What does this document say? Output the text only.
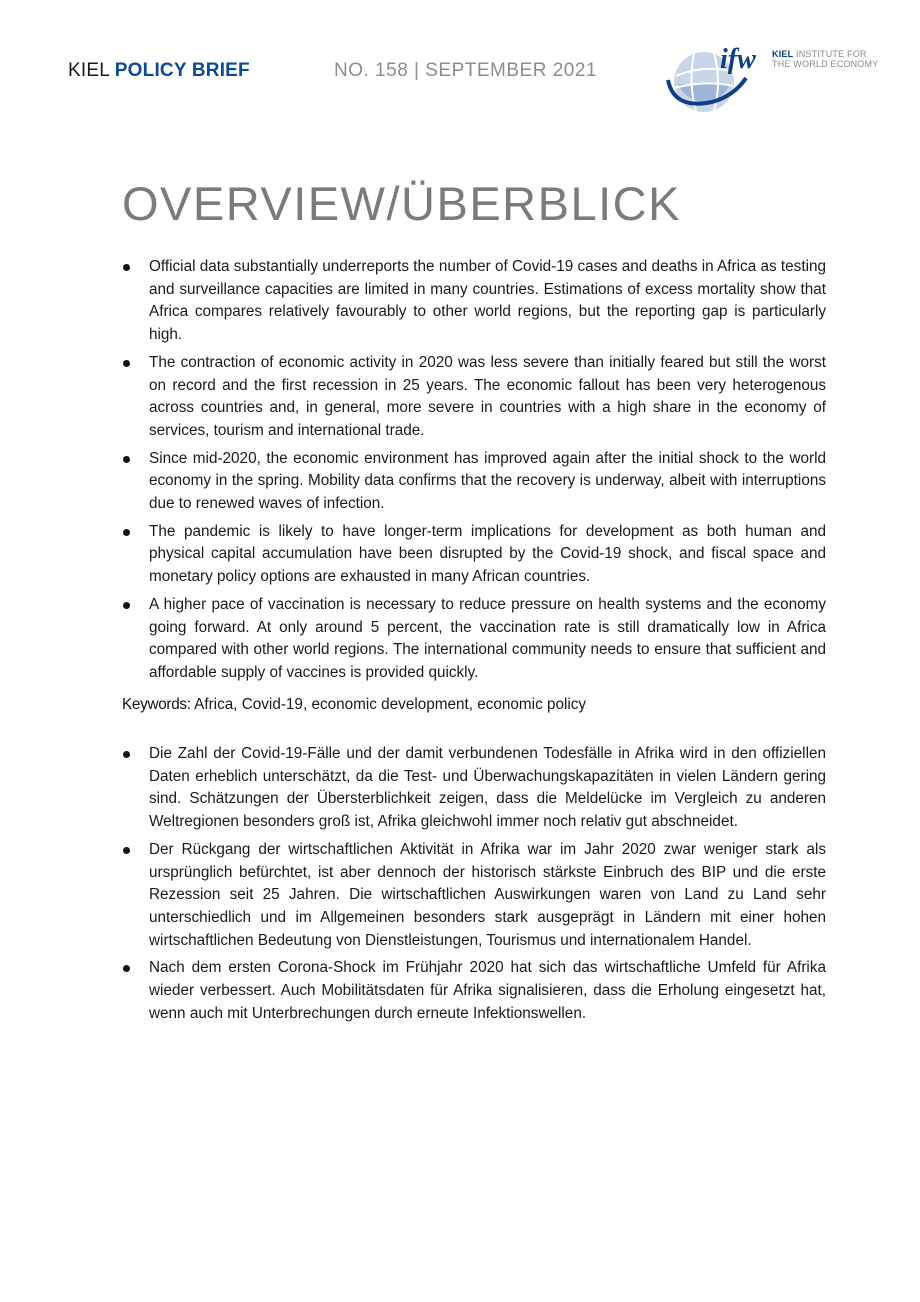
KIEL POLICY BRIEF	NO. 158 | SEPTEMBER 2021	ifw KIEL INSTITUTE FOR
THE WORLD ECONOMY
OVERVIEW/ÜBERBLICK
Official data substantially underreports the number of Covid-19 cases and deaths in Africa as testing and surveillance capacities are limited in many countries. Estimations of excess mortality show that Africa compares relatively favourably to other world regions, but the reporting gap is particularly high.
The contraction of economic activity in 2020 was less severe than initially feared but still the worst on record and the first recession in 25 years. The economic fallout has been very heterogenous across countries and, in general, more severe in countries with a high share in the economy of services, tourism and international trade.
Since mid-2020, the economic environment has improved again after the initial shock to the world economy in the spring. Mobility data confirms that the recovery is underway, albeit with interruptions due to renewed waves of infection.
The pandemic is likely to have longer-term implications for development as both human and physical capital accumulation have been disrupted by the Covid-19 shock, and fiscal space and monetary policy options are exhausted in many African countries.
A higher pace of vaccination is necessary to reduce pressure on health systems and the economy going forward. At only around 5 percent, the vaccination rate is still dramatically low in Africa compared with other world regions. The international community needs to ensure that sufficient and affordable supply of vaccines is provided quickly.
Keywords: Africa, Covid-19, economic development, economic policy
Die Zahl der Covid-19-Fälle und der damit verbundenen Todesfälle in Afrika wird in den offiziellen Daten erheblich unterschätzt, da die Test- und Überwachungskapazitäten in vielen Ländern gering sind. Schätzungen der Übersterblichkeit zeigen, dass die Meldelücke im Vergleich zu anderen Weltregionen besonders groß ist, Afrika gleichwohl immer noch relativ gut abschneidet.
Der Rückgang der wirtschaftlichen Aktivität in Afrika war im Jahr 2020 zwar weniger stark als ursprünglich befürchtet, ist aber dennoch der historisch stärkste Einbruch des BIP und die erste Rezession seit 25 Jahren. Die wirtschaftlichen Auswirkungen waren von Land zu Land sehr unterschiedlich und im Allgemeinen besonders stark ausgeprägt in Ländern mit einer hohen wirtschaftlichen Bedeutung von Dienstleistungen, Tourismus und internationalem Handel.
Nach dem ersten Corona-Shock im Frühjahr 2020 hat sich das wirtschaftliche Umfeld für Afrika wieder verbessert. Auch Mobilitätsdaten für Afrika signalisieren, dass die Erholung eingesetzt hat, wenn auch mit Unterbrechungen durch erneute Infektionswellen.
